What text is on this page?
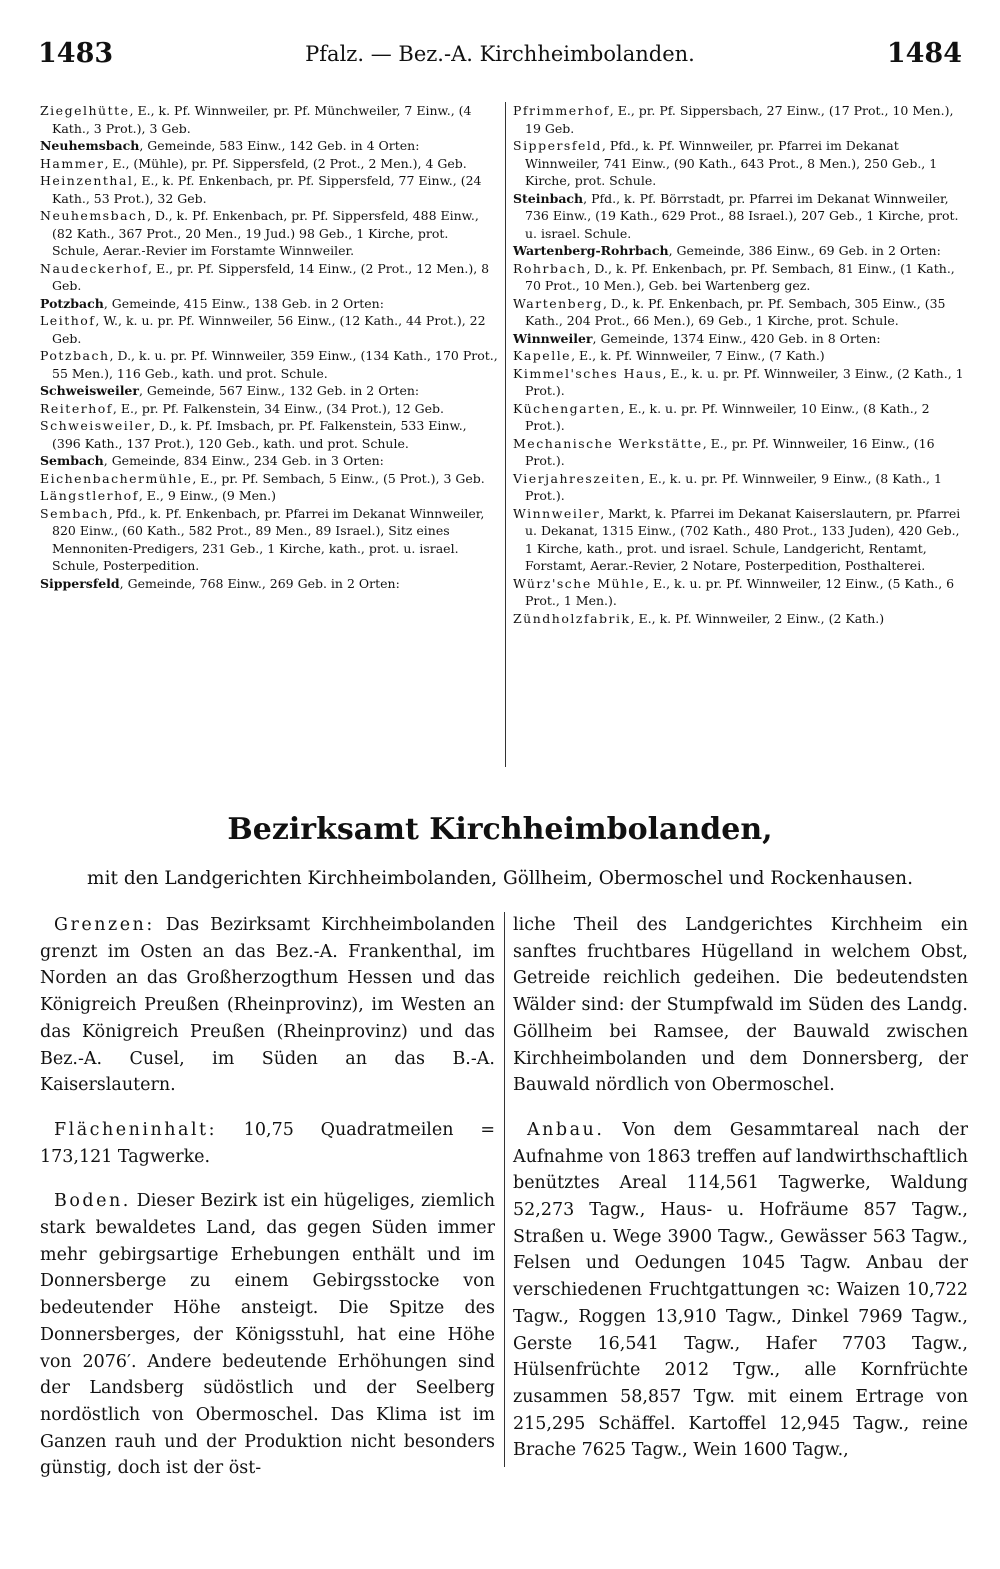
1483	Pfalz. — Bez.-A. Kirchheimbolanden.	1484

Ziegelhütte, E., k. Pf. Winnweiler, pr. Pf. Münchweiler, 7 Einw., (4 Kath., 3 Prot.), 3 Geb.

Neuhemsbach, Gemeinde, 583 Einw., 142 Geb. in 4 Orten:

Hammer, E., (Mühle), pr. Pf. Sippersfeld, (2 Prot., 2 Men.), 4 Geb.

Heinzenthal, E., k. Pf. Enkenbach, pr. Pf. Sippersfeld, 77 Einw., (24 Kath., 53 Prot.), 32 Geb.

Neuhemsbach, D., k. Pf. Enkenbach, pr. Pf. Sippersfeld, 488 Einw., (82 Kath., 367 Prot., 20 Men., 19 Jud.) 98 Geb., 1 Kirche, prot. Schule, Aerar.-Revier im Forstamte Winnweiler.

Naudeckerhof, E., pr. Pf. Sippersfeld, 14 Einw., (2 Prot., 12 Men.), 8 Geb.

Potzbach, Gemeinde, 415 Einw., 138 Geb. in 2 Orten:

Leithof, W., k. u. pr. Pf. Winnweiler, 56 Einw., (12 Kath., 44 Prot.), 22 Geb.

Potzbach, D., k. u. pr. Pf. Winnweiler, 359 Einw., (134 Kath., 170 Prot., 55 Men.), 116 Geb., kath. und prot. Schule.

Schweisweiler, Gemeinde, 567 Einw., 132 Geb. in 2 Orten:

Reiterhof, E., pr. Pf. Falkenstein, 34 Einw., (34 Prot.), 12 Geb.

Schweisweiler, D., k. Pf. Imsbach, pr. Pf. Falkenstein, 533 Einw., (396 Kath., 137 Prot.), 120 Geb., kath. und prot. Schule.

Sembach, Gemeinde, 834 Einw., 234 Geb. in 3 Orten:

Eichenbachermühle, E., pr. Pf. Sembach, 5 Einw., (5 Prot.), 3 Geb.

Längstlerhof, E., 9 Einw., (9 Men.)

Sembach, Pfd., k. Pf. Enkenbach, pr. Pfarrei im Dekanat Winnweiler, 820 Einw., (60 Kath., 582 Prot., 89 Men., 89 Israel.), Sitz eines Mennoniten-Predigers, 231 Geb., 1 Kirche, kath., prot. u. israel. Schule, Posterpedition.

Sippersfeld, Gemeinde, 768 Einw., 269 Geb. in 2 Orten:

Pfrimmerhof, E., pr. Pf. Sippersbach, 27 Einw., (17 Prot., 10 Men.), 19 Geb.

Sippersfeld, Pfd., k. Pf. Winnweiler, pr. Pfarrei im Dekanat Winnweiler, 741 Einw., (90 Kath., 643 Prot., 8 Men.), 250 Geb., 1 Kirche, prot. Schule.

Steinbach, Pfd., k. Pf. Börrstadt, pr. Pfarrei im Dekanat Winnweiler, 736 Einw., (19 Kath., 629 Prot., 88 Israel.), 207 Geb., 1 Kirche, prot. u. israel. Schule.

Wartenberg-Rohrbach, Gemeinde, 386 Einw., 69 Geb. in 2 Orten:

Rohrbach, D., k. Pf. Enkenbach, pr. Pf. Sembach, 81 Einw., (1 Kath., 70 Prot., 10 Men.), Geb. bei Wartenberg gez.

Wartenberg, D., k. Pf. Enkenbach, pr. Pf. Sembach, 305 Einw., (35 Kath., 204 Prot., 66 Men.), 69 Geb., 1 Kirche, prot. Schule.

Winnweiler, Gemeinde, 1374 Einw., 420 Geb. in 8 Orten:

Kapelle, E., k. Pf. Winnweiler, 7 Einw., (7 Kath.)

Kimmel'sches Haus, E., k. u. pr. Pf. Winnweiler, 3 Einw., (2 Kath., 1 Prot.).

Küchengarten, E., k. u. pr. Pf. Winnweiler, 10 Einw., (8 Kath., 2 Prot.).

Mechanische Werkstätte, E., pr. Pf. Winnweiler, 16 Einw., (16 Prot.).

Vierjahreszeiten, E., k. u. pr. Pf. Winnweiler, 9 Einw., (8 Kath., 1 Prot.).

Winnweiler, Markt, k. Pfarrei im Dekanat Kaiserslautern, pr. Pfarrei u. Dekanat, 1315 Einw., (702 Kath., 480 Prot., 133 Juden), 420 Geb., 1 Kirche, kath., prot. und israel. Schule, Landgericht, Rentamt, Forstamt, Aerar.-Revier, 2 Notare, Posterpedition, Posthalterei.

Würz'sche Mühle, E., k. u. pr. Pf. Winnweiler, 12 Einw., (5 Kath., 6 Prot., 1 Men.).

Zündholzfabrik, E., k. Pf. Winnweiler, 2 Einw., (2 Kath.)

Bezirksamt Kirchheimbolanden,
mit den Landgerichten Kirchheimbolanden, Göllheim, Obermoschel und Rockenhausen.

Grenzen: Das Bezirksamt Kirchheimbolanden grenzt im Osten an das Bez.-A. Frankenthal, im Norden an das Großherzogthum Hessen und das Königreich Preußen (Rheinprovinz), im Westen an das Königreich Preußen (Rheinprovinz) und das Bez.-A. Cusel, im Süden an das B.-A. Kaiserslautern.

Flächeninhalt: 10,75 Quadratmeilen = 173,121 Tagwerke.

Boden. Dieser Bezirk ist ein hügeliges, ziemlich stark bewaldetes Land, das gegen Süden immer mehr gebirgsartige Erhebungen enthält und im Donnersberge zu einem Gebirgsstocke von bedeutender Höhe ansteigt. Die Spitze des Donnersberges, der Königsstuhl, hat eine Höhe von 2076′. Andere bedeutende Erhöhungen sind der Landsberg südöstlich und der Seelberg nordöstlich von Obermoschel. Das Klima ist im Ganzen rauh und der Produktion nicht besonders günstig, doch ist der öst-

liche Theil des Landgerichtes Kirchheim ein sanftes fruchtbares Hügelland in welchem Obst, Getreide reichlich gedeihen. Die bedeutendsten Wälder sind: der Stumpfwald im Süden des Landg. Göllheim bei Ramsee, der Bauwald zwischen Kirchheimbolanden und dem Donnersberg, der Bauwald nördlich von Obermoschel.

Anbau. Von dem Gesammtareal nach der Aufnahme von 1863 treffen auf landwirthschaftlich benütztes Areal 114,561 Tagwerke, Waldung 52,273 Tagw., Haus- u. Hofräume 857 Tagw., Straßen u. Wege 3900 Tagw., Gewässer 563 Tagw., Felsen und Oedungen 1045 Tagw. Anbau der verschiedenen Fruchtgattungen ꝛc: Waizen 10,722 Tagw., Roggen 13,910 Tagw., Dinkel 7969 Tagw., Gerste 16,541 Tagw., Hafer 7703 Tagw., Hülsenfrüchte 2012 Tgw., alle Kornfrüchte zusammen 58,857 Tgw. mit einem Ertrage von 215,295 Schäffel. Kartoffel 12,945 Tagw., reine Brache 7625 Tagw., Wein 1600 Tagw.,
